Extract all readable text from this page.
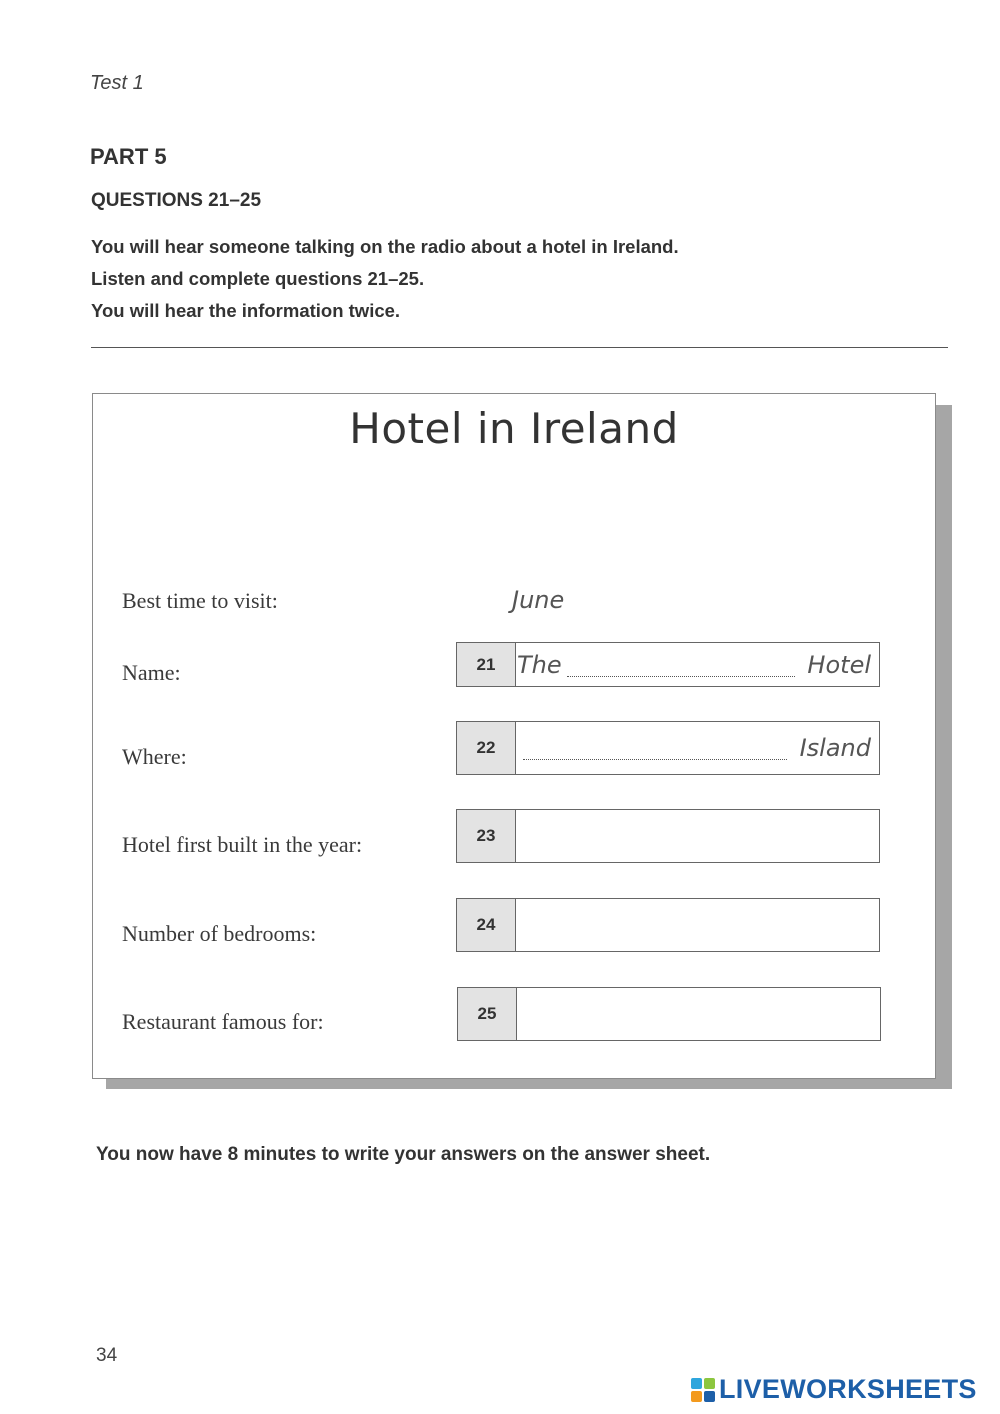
Test 1
PART 5
QUESTIONS 21–25
You will hear someone talking on the radio about a hotel in Ireland.
Listen and complete questions 21–25.
You will hear the information twice.
Hotel in Ireland
Best time to visit:	June
Name:	21 The	Hotel
Where:	22	Island
Hotel first built in the year:	23
Number of bedrooms:	24
Restaurant famous for:	25
You now have 8 minutes to write your answers on the answer sheet.
34
LIVEWORKSHEETS
